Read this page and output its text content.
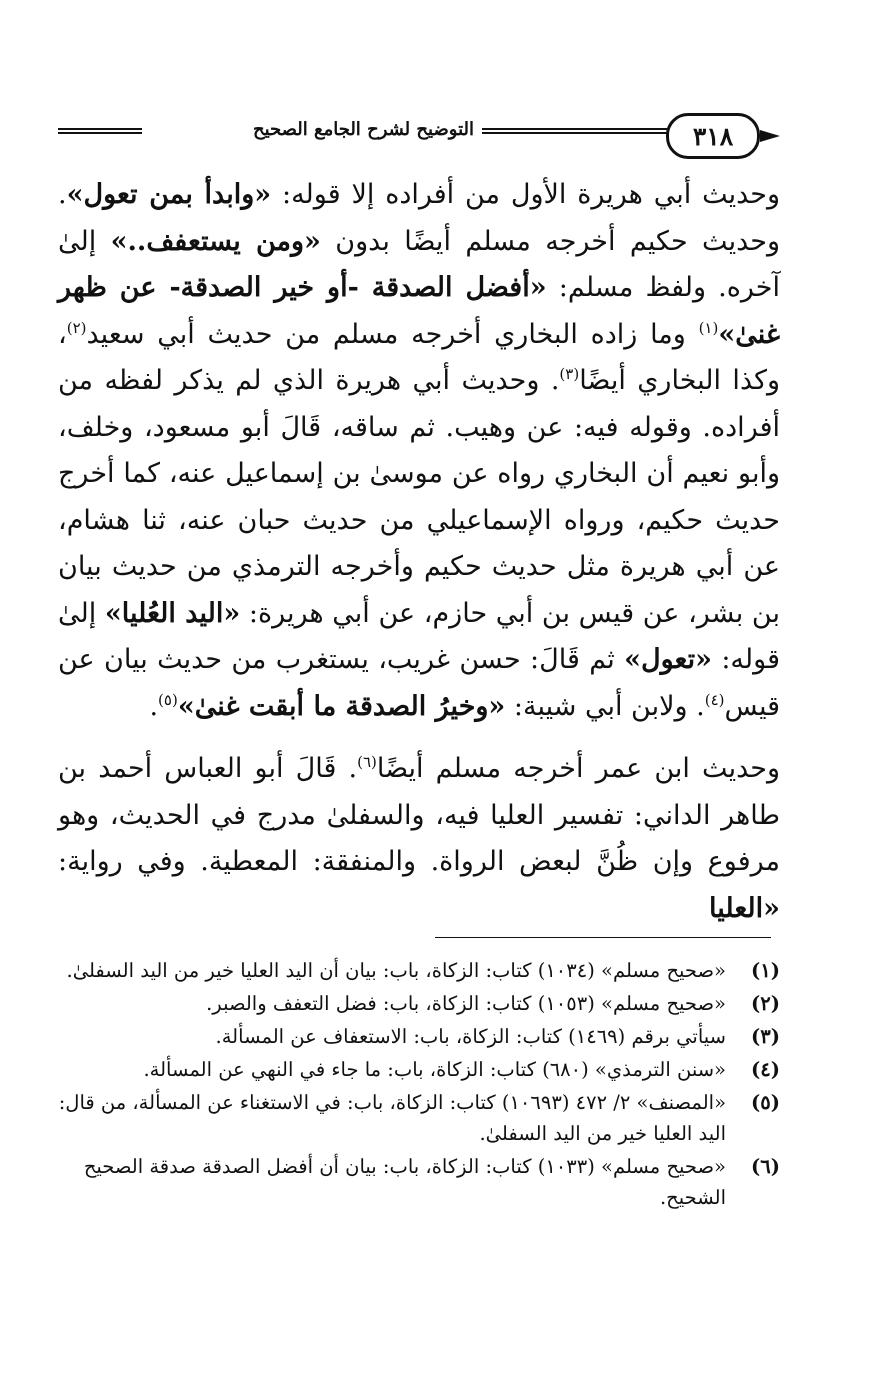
٣١٨
التوضيح لشرح الجامع الصحيح

وحديث أبي هريرة الأول من أفراده إلا قوله: «وابدأ بمن تعول». وحديث حكيم أخرجه مسلم أيضًا بدون «ومن يستعفف..» إلىٰ آخره. ولفظ مسلم: «أفضل الصدقة -أو خير الصدقة- عن ظهر غنىٰ»$^{(١)}$ وما زاده البخاري أخرجه مسلم من حديث أبي سعيد$^{(٢)}$، وكذا البخاري أيضًا$^{(٣)}$. وحديث أبي هريرة الذي لم يذكر لفظه من أفراده. وقوله فيه: عن وهيب. ثم ساقه، قَالَ أبو مسعود، وخلف، وأبو نعيم أن البخاري رواه عن موسىٰ بن إسماعيل عنه، كما أخرج حديث حكيم، ورواه الإسماعيلي من حديث حبان عنه، ثنا هشام، عن أبي هريرة مثل حديث حكيم وأخرجه الترمذي من حديث بيان بن بشر، عن قيس بن أبي حازم، عن أبي هريرة: «اليد العُليا» إلىٰ قوله: «تعول» ثم قَالَ: حسن غريب، يستغرب من حديث بيان عن قيس$^{(٤)}$. ولابن أبي شيبة: «وخيرُ الصدقة ما أبقت غنىٰ»$^{(٥)}$.

وحديث ابن عمر أخرجه مسلم أيضًا$^{(٦)}$. قَالَ أبو العباس أحمد بن طاهر الداني: تفسير العليا فيه، والسفلىٰ مدرج في الحديث، وهو مرفوع وإن ظُنَّ لبعض الرواة. والمنفقة: المعطية. وفي رواية: «العليا

(١)
«صحيح مسلم» (١٠٣٤) كتاب: الزكاة، باب: بيان أن اليد العليا خير من اليد السفلىٰ.
(٢)
«صحيح مسلم» (١٠٥٣) كتاب: الزكاة، باب: فضل التعفف والصبر.
(٣)
سيأتي برقم (١٤٦٩) كتاب: الزكاة، باب: الاستعفاف عن المسألة.
(٤)
«سنن الترمذي» (٦٨٠) كتاب: الزكاة، باب: ما جاء في النهي عن المسألة.
(٥)
«المصنف» ٢/ ٤٧٢ (١٠٦٩٣) كتاب: الزكاة، باب: في الاستغناء عن المسألة، من قال: اليد العليا خير من اليد السفلىٰ.
(٦)
«صحيح مسلم» (١٠٣٣) كتاب: الزكاة، باب: بيان أن أفضل الصدقة صدقة الصحيح الشحيح.
